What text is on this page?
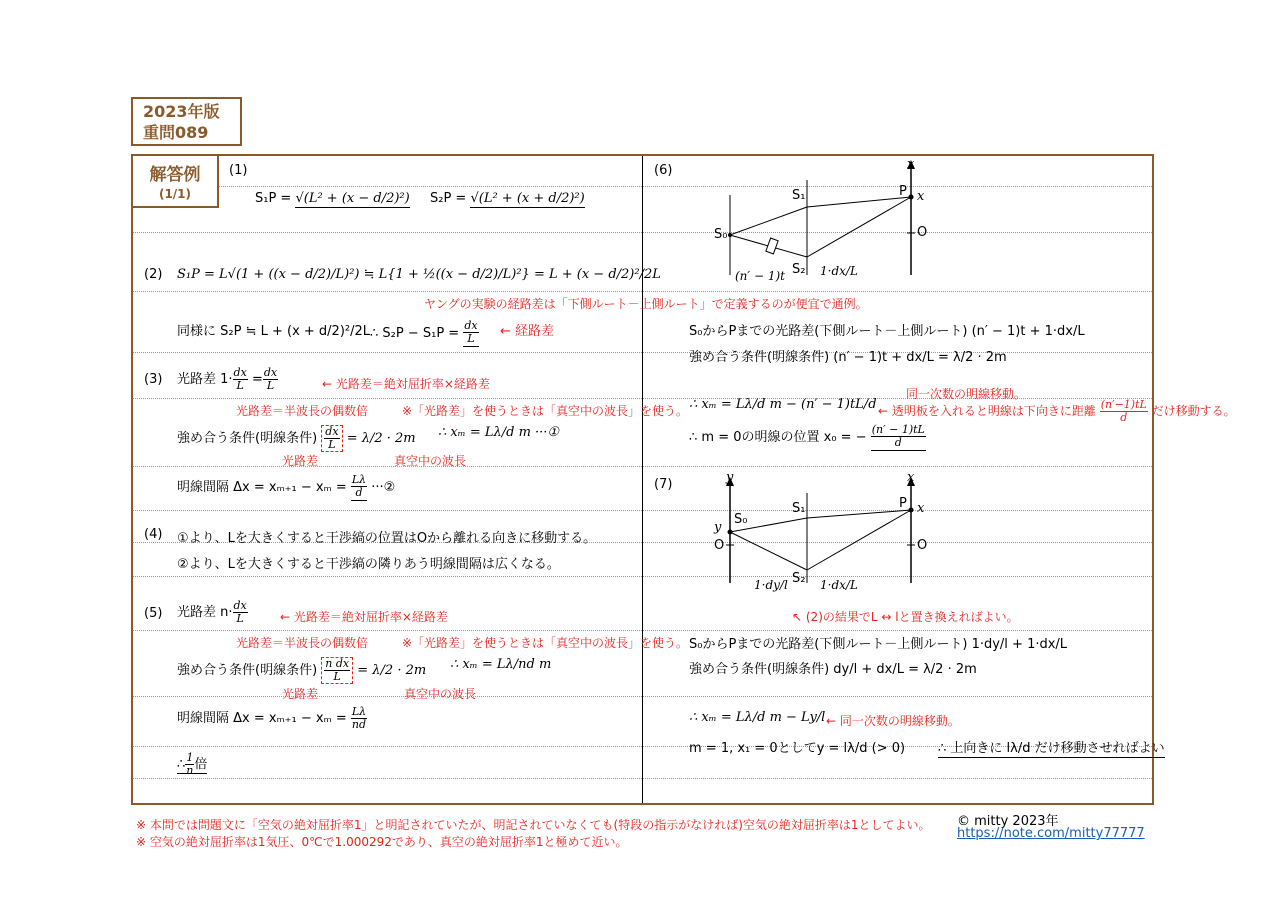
2023年版
重問089
解答例
(1/1)
(1)
S₁P = √(L² + (x − d/2)²) S₂P = √(L² + (x + d/2)²)
(2) S₁P = L√(1 + ((x − d/2)/L)²) ≒ L{1 + ½((x − d/2)/L)²} = L + (x − d/2)²/2L
ヤングの実験の経路差は「下側ルート－上側ルート」で定義するのが便宜で通例。
同様に S₂P ≒ L + (x + d/2)²/2L ∴ $S_2P - S_1P = \frac{dx}{L}$ ← 経路差
(3) 光路差 $1\cdot \frac{dx}{L} = \frac{dx}{L}$	← 光路差＝絶対屈折率×経路差
光路差＝半波長の偶数倍	※「光路差」を使うときは「真空中の波長」を使う。
強め合う条件(明線条件) $\frac{dx}{L} = \lambda/2 \cdot 2m$ ∴ xₘ = Lλ/d m ···①
光路差	真空中の波長
明線間隔 $\Delta x = x_{m+1} - x_m = \frac{L\lambda}{d}$ ···②
(4) ①より、Lを大きくすると干渉縞の位置はOから離れる向きに移動する。
②より、Lを大きくすると干渉縞の隣りあう明線間隔は広くなる。
(5) 光路差 $n\cdot \frac{dx}{L}$	← 光路差＝絶対屈折率×経路差
光路差＝半波長の偶数倍	※「光路差」を使うときは「真空中の波長」を使う。
強め合う条件(明線条件) $\frac{\text{n dx}}{L} = \lambda/2 \cdot 2m$ ∴ xₘ = Lλ/nd m
光路差	真空中の波長
明線間隔 $\Delta x = x_{m+1} - x_m = \frac{L\lambda}{nd}$
∴ $\frac{1}{n}$ 倍
(6)	x
P x
O
S₀
S₁
S₂
(n′ − 1)t	1·dx/L
S₀からPまでの光路差(下側ルート－上側ルート) (n′ − 1)t + 1·dx/L
強め合う条件(明線条件) (n′ − 1)t + dx/L = λ/2 · 2m
同一次数の明線移動。
← 透明板を入れると明線は下向きに距離 $\frac{(n'-1)tL}{d}$ だけ移動する。
∴ xₘ = Lλ/d m − (n′ − 1)tL/d
∴ m = 0の明線の位置 x₀ = − $\frac{(n' - 1)tL}{d}$
(7)	y
y
O
x
P x
O
S₀
S₁
S₂
1·dy/l	1·dx/L
↖ (2)の結果でL ↔ lと置き換えればよい。
S₀からPまでの光路差(下側ルート－上側ルート) 1·dy/l + 1·dx/L
強め合う条件(明線条件) dy/l + dx/L = λ/2 · 2m
∴ xₘ = Lλ/d m − Ly/l ← 同一次数の明線移動。
m = 1, x₁ = 0としてy = lλ/d (> 0)	∴ 上向きに lλ/d だけ移動させればよい
※ 本問では問題文に「空気の絶対屈折率1」と明記されていたが、明記されていなくても(特段の指示がなければ)空気の絶対屈折率は1としてよい。
※ 空気の絶対屈折率は1気圧、0℃で1.000292であり、真空の絶対屈折率1と極めて近い。
© mitty 2023年
https://note.com/mitty77777
